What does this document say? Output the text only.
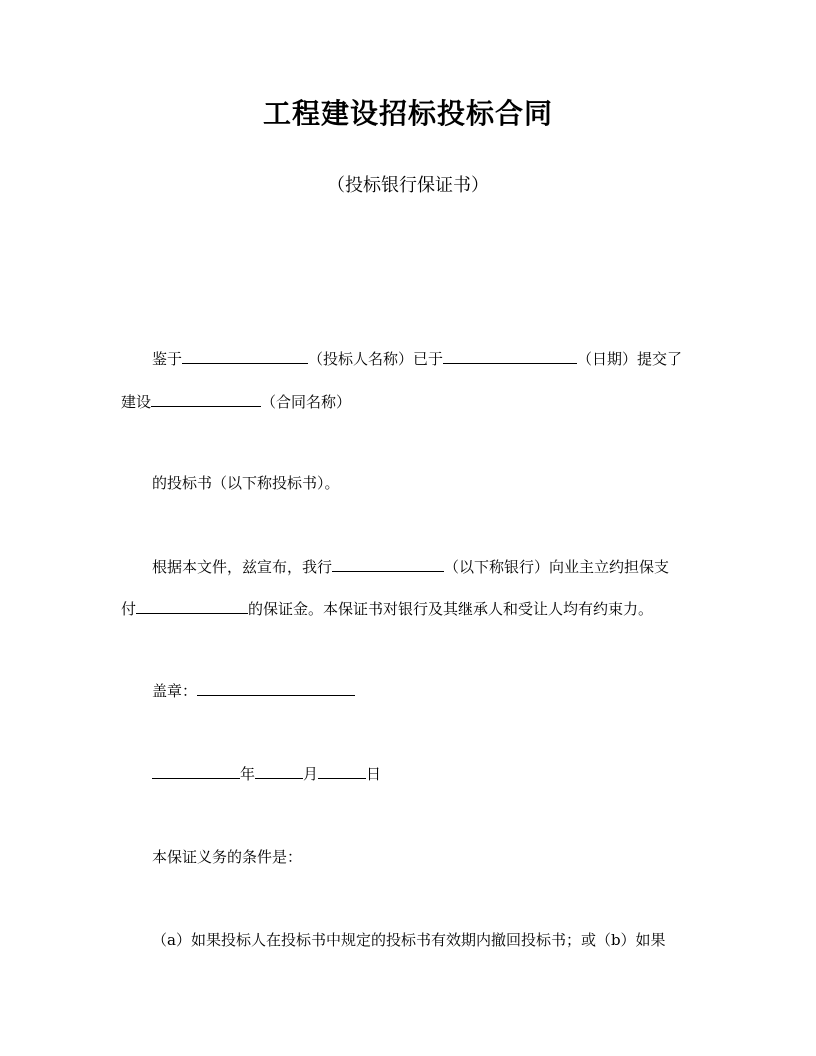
工程建设招标投标合同
（投标银行保证书）
鉴于	（投标人名称）已于	（日期）提交了
建设	（合同名称）
的投标书（以下称投标书）。
根据本文件，兹宣布，我行	（以下称银行）向业主立约担保支
付	的保证金。本保证书对银行及其继承人和受让人均有约束力。
盖章：
年	月	日
本保证义务的条件是：
（a）如果投标人在投标书中规定的投标书有效期内撤回投标书；或（b）如果
